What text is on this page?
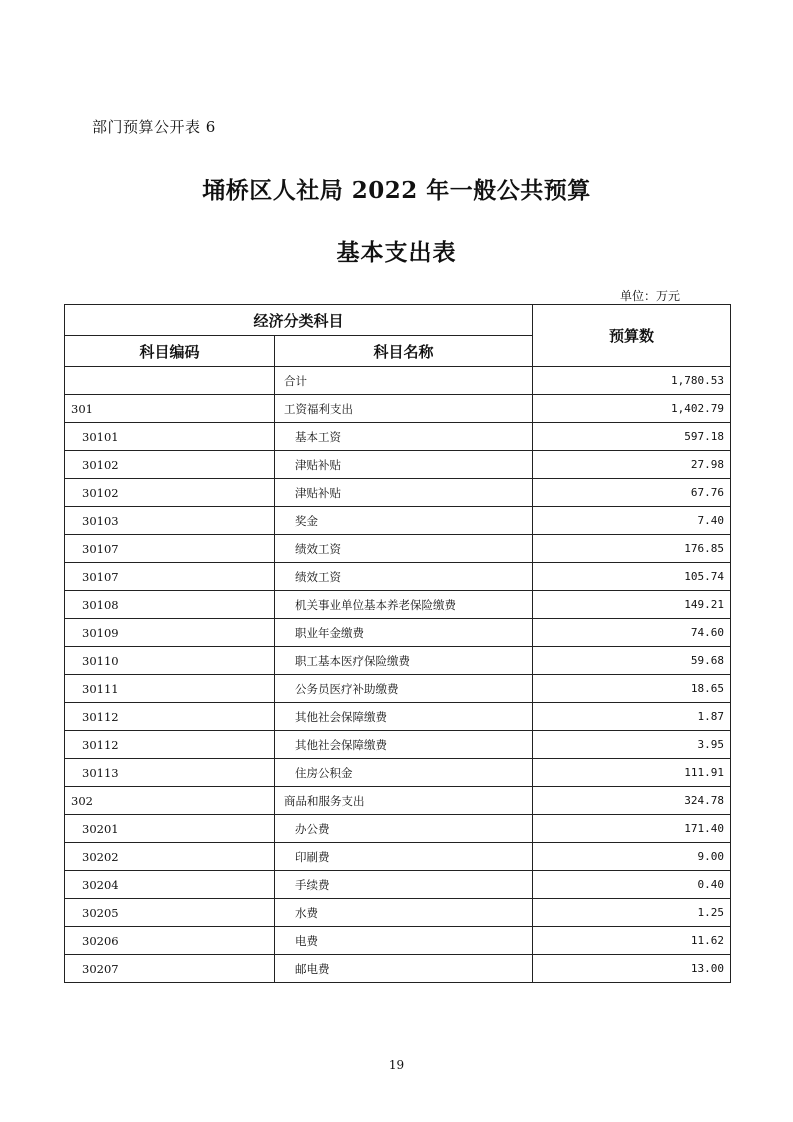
部门预算公开表 6
埇桥区人社局 2022 年一般公共预算
基本支出表
单位：万元
经济分类科目		预算数
科目编码	科目名称	
	合计	1,780.53
301	工资福利支出	1,402.79
30101	基本工资	597.18
30102	津贴补贴	27.98
30102	津贴补贴	67.76
30103	奖金	7.40
30107	绩效工资	176.85
30107	绩效工资	105.74
30108	机关事业单位基本养老保险缴费	149.21
30109	职业年金缴费	74.60
30110	职工基本医疗保险缴费	59.68
30111	公务员医疗补助缴费	18.65
30112	其他社会保障缴费	1.87
30112	其他社会保障缴费	3.95
30113	住房公积金	111.91
302	商品和服务支出	324.78
30201	办公费	171.40
30202	印刷费	9.00
30204	手续费	0.40
30205	水费	1.25
30206	电费	11.62
30207	邮电费	13.00
19
